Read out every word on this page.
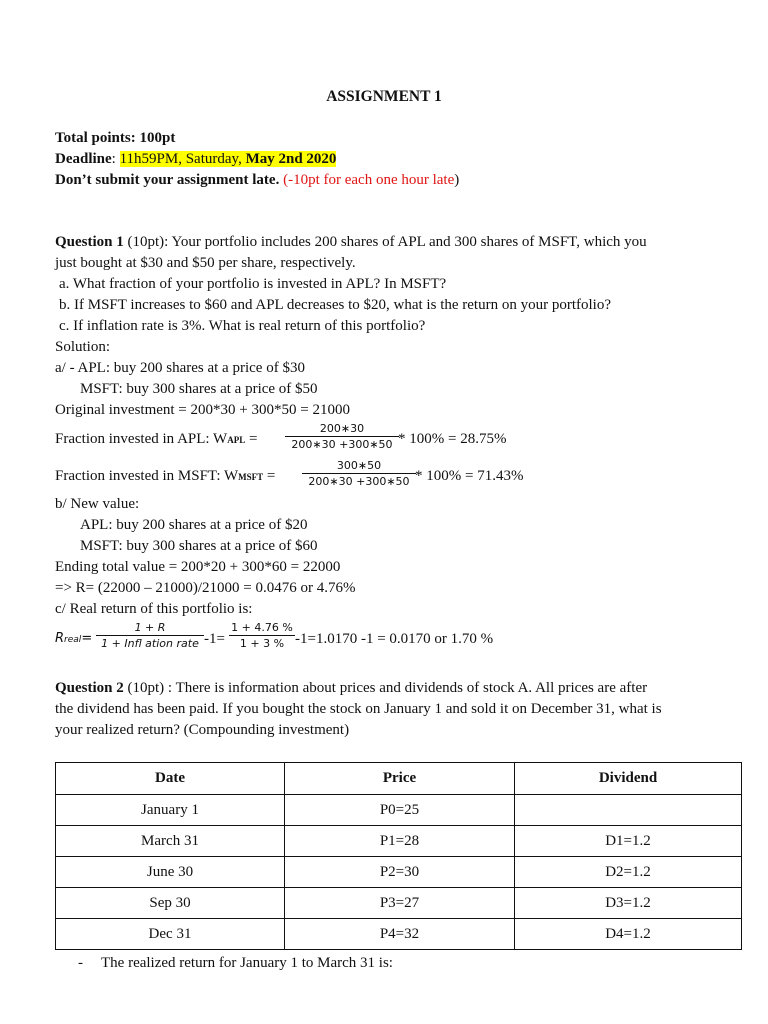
ASSIGNMENT 1
Total points: 100pt
Deadline: 11h59PM, Saturday, May 2nd 2020
Don’t submit your assignment late. (-10pt for each one hour late)
Question 1 (10pt): Your portfolio includes 200 shares of APL and 300 shares of MSFT, which you
just bought at $30 and $50 per share, respectively.
a. What fraction of your portfolio is invested in APL? In MSFT?
b. If MSFT increases to $60 and APL decreases to $20, what is the return on your portfolio?
c. If inflation rate is 3%. What is real return of this portfolio?
Solution:
a/ - APL: buy 200 shares at a price of $30
MSFT: buy 300 shares at a price of $50
Original investment = 200*30 + 300*50 = 21000
Fraction invested in APL: WAPL =	$\frac{200∗30}{200∗30 +300∗50} * 100\% = 28.75\%$
Fraction invested in MSFT: WMSFT = $\frac{300∗50}{200∗30 +300∗50} * 100\% = 71.43\%$
b/ New value:
APL: buy 200 shares at a price of $20
MSFT: buy 300 shares at a price of $60
Ending total value = 200*20 + 300*60 = 22000
=> R= (22000 – 21000)/21000 = 0.0476 or 4.76%
c/ Real return of this portfolio is:
Rreal=
1 + R
1 + Infl ation rate $-1= \frac{1 + 4.76 \%}{1 + 3 \%} -1=1.0170$ -1 = 0.0170 or 1.70 %
Question 2 (10pt) : There is information about prices and dividends of stock A. All prices are after
the dividend has been paid. If you bought the stock on January 1 and sold it on December 31, what is
your realized return? (Compounding investment)
Date	Price	Dividend
January 1	P0=25	
March 31	P1=28	D1=1.2
June 30	P2=30	D2=1.2
Sep 30	P3=27	D3=1.2
Dec 31	P4=32	D4=1.2
- The realized return for January 1 to March 31 is:
